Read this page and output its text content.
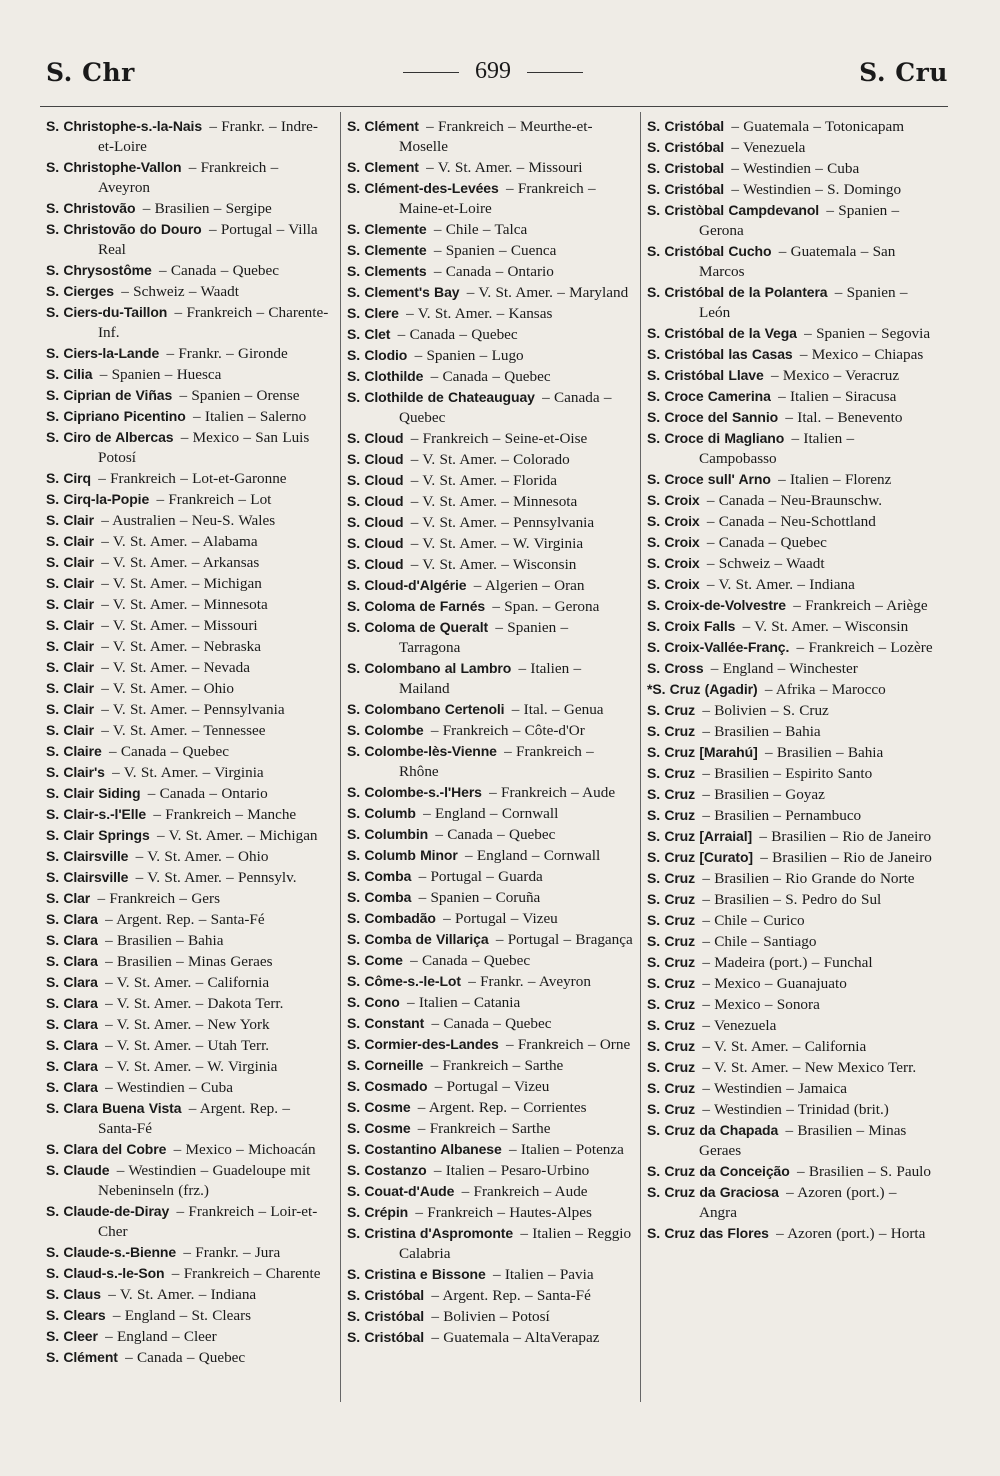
S. Chr	699	S. Cru
S. Christophe-s.-la-Nais – Frankr. – Indre-et-Loire
S. Christophe-Vallon – Frankreich – Aveyron
S. Christovão – Brasilien – Sergipe
S. Christovão do Douro – Portugal – Villa Real
S. Chrysostôme – Canada – Quebec
S. Cierges – Schweiz – Waadt
S. Ciers-du-Taillon – Frankreich – Charente-Inf.
S. Ciers-la-Lande – Frankr. – Gironde
S. Cilia – Spanien – Huesca
S. Ciprian de Viñas – Spanien – Orense
S. Cipriano Picentino – Italien – Salerno
S. Ciro de Albercas – Mexico – San Luis Potosí
S. Cirq – Frankreich – Lot-et-Garonne
S. Cirq-la-Popie – Frankreich – Lot
S. Clair – Australien – Neu-S. Wales
S. Clair – V. St. Amer. – Alabama
S. Clair – V. St. Amer. – Arkansas
S. Clair – V. St. Amer. – Michigan
S. Clair – V. St. Amer. – Minnesota
S. Clair – V. St. Amer. – Missouri
S. Clair – V. St. Amer. – Nebraska
S. Clair – V. St. Amer. – Nevada
S. Clair – V. St. Amer. – Ohio
S. Clair – V. St. Amer. – Pennsylvania
S. Clair – V. St. Amer. – Tennessee
S. Claire – Canada – Quebec
S. Clair's – V. St. Amer. – Virginia
S. Clair Siding – Canada – Ontario
S. Clair-s.-l'Elle – Frankreich – Manche
S. Clair Springs – V. St. Amer. – Michigan
S. Clairsville – V. St. Amer. – Ohio
S. Clairsville – V. St. Amer. – Pennsylv.
S. Clar – Frankreich – Gers
S. Clara – Argent. Rep. – Santa-Fé
S. Clara – Brasilien – Bahia
S. Clara – Brasilien – Minas Geraes
S. Clara – V. St. Amer. – California
S. Clara – V. St. Amer. – Dakota Terr.
S. Clara – V. St. Amer. – New York
S. Clara – V. St. Amer. – Utah Terr.
S. Clara – V. St. Amer. – W. Virginia
S. Clara – Westindien – Cuba
S. Clara Buena Vista – Argent. Rep. – Santa-Fé
S. Clara del Cobre – Mexico – Michoacán
S. Claude – Westindien – Guadeloupe mit Nebeninseln (frz.)
S. Claude-de-Diray – Frankreich – Loir-et-Cher
S. Claude-s.-Bienne – Frankr. – Jura
S. Claud-s.-le-Son – Frankreich – Charente
S. Claus – V. St. Amer. – Indiana
S. Clears – England – St. Clears
S. Cleer – England – Cleer
S. Clément – Canada – Quebec
S. Clément – Frankreich – Meurthe-et-Moselle
S. Clement – V. St. Amer. – Missouri
S. Clément-des-Levées – Frankreich – Maine-et-Loire
S. Clemente – Chile – Talca
S. Clemente – Spanien – Cuenca
S. Clements – Canada – Ontario
S. Clement's Bay – V. St. Amer. – Maryland
S. Clere – V. St. Amer. – Kansas
S. Clet – Canada – Quebec
S. Clodio – Spanien – Lugo
S. Clothilde – Canada – Quebec
S. Clothilde de Chateauguay – Canada – Quebec
S. Cloud – Frankreich – Seine-et-Oise
S. Cloud – V. St. Amer. – Colorado
S. Cloud – V. St. Amer. – Florida
S. Cloud – V. St. Amer. – Minnesota
S. Cloud – V. St. Amer. – Pennsylvania
S. Cloud – V. St. Amer. – W. Virginia
S. Cloud – V. St. Amer. – Wisconsin
S. Cloud-d'Algérie – Algerien – Oran
S. Coloma de Farnés – Span. – Gerona
S. Coloma de Queralt – Spanien – Tarragona
S. Colombano al Lambro – Italien – Mailand
S. Colombano Certenoli – Ital. – Genua
S. Colombe – Frankreich – Côte-d'Or
S. Colombe-lès-Vienne – Frankreich – Rhône
S. Colombe-s.-l'Hers – Frankreich – Aude
S. Columb – England – Cornwall
S. Columbin – Canada – Quebec
S. Columb Minor – England – Cornwall
S. Comba – Portugal – Guarda
S. Comba – Spanien – Coruña
S. Combadão – Portugal – Vizeu
S. Comba de Villariça – Portugal – Bragança
S. Come – Canada – Quebec
S. Côme-s.-le-Lot – Frankr. – Aveyron
S. Cono – Italien – Catania
S. Constant – Canada – Quebec
S. Cormier-des-Landes – Frankreich – Orne
S. Corneille – Frankreich – Sarthe
S. Cosmado – Portugal – Vizeu
S. Cosme – Argent. Rep. – Corrientes
S. Cosme – Frankreich – Sarthe
S. Costantino Albanese – Italien – Potenza
S. Costanzo – Italien – Pesaro-Urbino
S. Couat-d'Aude – Frankreich – Aude
S. Crépin – Frankreich – Hautes-Alpes
S. Cristina d'Aspromonte – Italien – Reggio Calabria
S. Cristina e Bissone – Italien – Pavia
S. Cristóbal – Argent. Rep. – Santa-Fé
S. Cristóbal – Bolivien – Potosí
S. Cristóbal – Guatemala – AltaVerapaz
S. Cristóbal – Guatemala – Totonicapam
S. Cristóbal – Venezuela
S. Cristobal – Westindien – Cuba
S. Cristóbal – Westindien – S. Domingo
S. Cristòbal Campdevanol – Spanien – Gerona
S. Cristóbal Cucho – Guatemala – San Marcos
S. Cristóbal de la Polantera – Spanien – León
S. Cristóbal de la Vega – Spanien – Segovia
S. Cristóbal las Casas – Mexico – Chiapas
S. Cristóbal Llave – Mexico – Veracruz
S. Croce Camerina – Italien – Siracusa
S. Croce del Sannio – Ital. – Benevento
S. Croce di Magliano – Italien – Campobasso
S. Croce sull' Arno – Italien – Florenz
S. Croix – Canada – Neu-Braunschw.
S. Croix – Canada – Neu-Schottland
S. Croix – Canada – Quebec
S. Croix – Schweiz – Waadt
S. Croix – V. St. Amer. – Indiana
S. Croix-de-Volvestre – Frankreich – Ariège
S. Croix Falls – V. St. Amer. – Wisconsin
S. Croix-Vallée-Franç. – Frankreich – Lozère
S. Cross – England – Winchester
*S. Cruz (Agadir) – Afrika – Marocco
S. Cruz – Bolivien – S. Cruz
S. Cruz – Brasilien – Bahia
S. Cruz [Marahú] – Brasilien – Bahia
S. Cruz – Brasilien – Espirito Santo
S. Cruz – Brasilien – Goyaz
S. Cruz – Brasilien – Pernambuco
S. Cruz [Arraial] – Brasilien – Rio de Janeiro
S. Cruz [Curato] – Brasilien – Rio de Janeiro
S. Cruz – Brasilien – Rio Grande do Norte
S. Cruz – Brasilien – S. Pedro do Sul
S. Cruz – Chile – Curico
S. Cruz – Chile – Santiago
S. Cruz – Madeira (port.) – Funchal
S. Cruz – Mexico – Guanajuato
S. Cruz – Mexico – Sonora
S. Cruz – Venezuela
S. Cruz – V. St. Amer. – California
S. Cruz – V. St. Amer. – New Mexico Terr.
S. Cruz – Westindien – Jamaica
S. Cruz – Westindien – Trinidad (brit.)
S. Cruz da Chapada – Brasilien – Minas Geraes
S. Cruz da Conceição – Brasilien – S. Paulo
S. Cruz da Graciosa – Azoren (port.) – Angra
S. Cruz das Flores – Azoren (port.) – Horta
